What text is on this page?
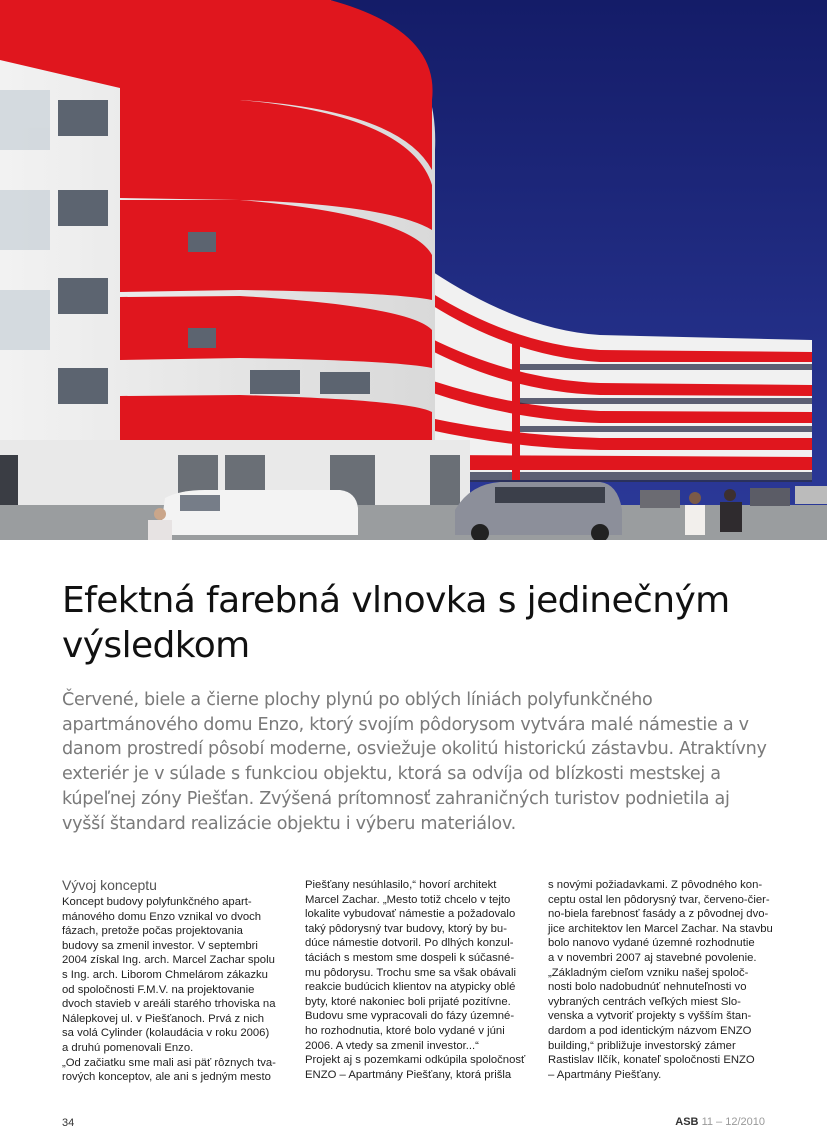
Efektná farebná vlnovka s jedinečným výsledkom

Červené, biele a čierne plochy plynú po oblých líniách polyfunkčného apartmánového domu Enzo, ktorý svojím pôdorysom vytvára malé námestie a v danom prostredí pôsobí moderne, osviežuje okolitú historickú zástavbu. Atraktívny exteriér je v súlade s funkciou objektu, ktorá sa odvíja od blízkosti mestskej a kúpeľnej zóny Piešťan. Zvýšená prítomnosť zahraničných turistov podnietila aj vyšší štandard realizácie objektu i výberu materiálov.

Vývoj konceptu
Koncept budovy polyfunkčného apart-
mánového domu Enzo vznikal vo dvoch
fázach, pretože počas projektovania
budovy sa zmenil investor. V septembri
2004 získal Ing. arch. Marcel Zachar spolu
s Ing. arch. Liborom Chmelárom zákazku
od spoločnosti F.M.V. na projektovanie
dvoch stavieb v areáli starého trhoviska na
Nálepkovej ul. v Piešťanoch. Prvá z nich
sa volá Cylinder (kolaudácia v roku 2006)
a druhú pomenovali Enzo.
„Od začiatku sme mali asi päť rôznych tva-
rových konceptov, ale ani s jedným mesto
Piešťany nesúhlasilo,“ hovorí architekt
Marcel Zachar. „Mesto totiž chcelo v tejto
lokalite vybudovať námestie a požadovalo
taký pôdorysný tvar budovy, ktorý by bu-
dúce námestie dotvoril. Po dlhých konzul-
táciách s mestom sme dospeli k súčasné-
mu pôdorysu. Trochu sme sa však obávali
reakcie budúcich klientov na atypicky oblé
byty, ktoré nakoniec boli prijaté pozitívne.
Budovu sme vypracovali do fázy územné-
ho rozhodnutia, ktoré bolo vydané v júni
2006. A vtedy sa zmenil investor...“
Projekt aj s pozemkami odkúpila spoločnosť
ENZO – Apartmány Piešťany, ktorá prišla
s novými požiadavkami. Z pôvodného kon-
ceptu ostal len pôdorysný tvar, červeno-čier-
no-biela farebnosť fasády a z pôvodnej dvo-
jice architektov len Marcel Zachar. Na stavbu
bolo nanovo vydané územné rozhodnutie
a v novembri 2007 aj stavebné povolenie.
„Základným cieľom vzniku našej spoloč-
nosti bolo nadobudnúť nehnuteľnosti vo
vybraných centrách veľkých miest Slo-
venska a vytvoriť projekty s vyšším štan-
dardom a pod identickým názvom ENZO
building,“ približuje investorský zámer
Rastislav Ilčík, konateľ spoločnosti ENZO
– Apartmány Piešťany.
34	ASB 11 – 12/2010
